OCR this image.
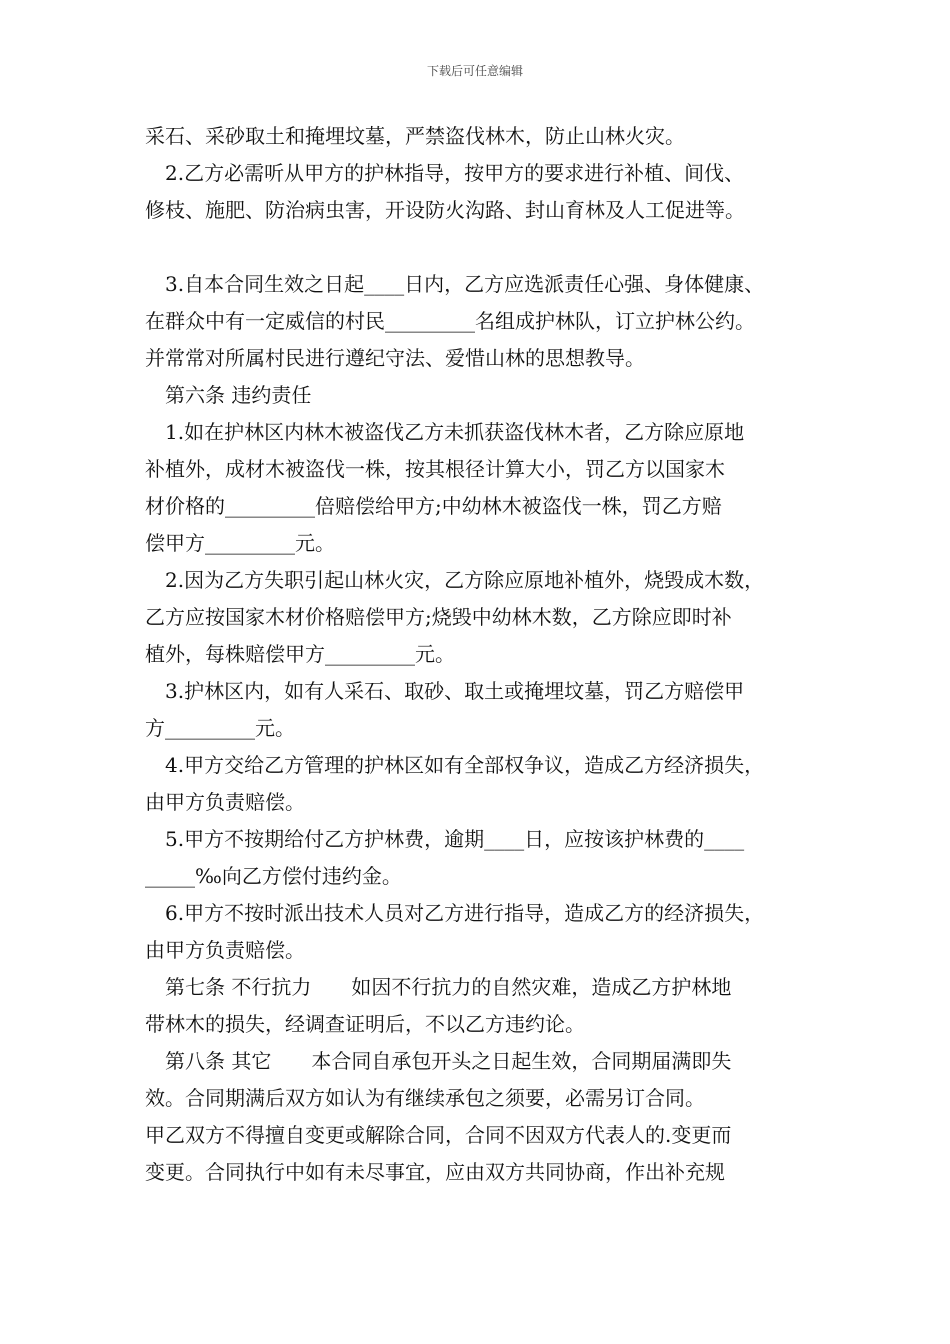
下载后可任意编辑
采石、采砂取土和掩埋坟墓，严禁盗伐林木，防止山林火灾。
2.乙方必需听从甲方的护林指导，按甲方的要求进行补植、间伐、
修枝、施肥、防治病虫害，开设防火沟路、封山育林及人工促进等。
3.自本合同生效之日起____日内，乙方应选派责任心强、身体健康、
在群众中有一定威信的村民_________名组成护林队，订立护林公约。
并常常对所属村民进行遵纪守法、爱惜山林的思想教导。
第六条 违约责任
1.如在护林区内林木被盗伐乙方未抓获盗伐林木者，乙方除应原地
补植外，成材木被盗伐一株，按其根径计算大小，罚乙方以国家木
材价格的_________倍赔偿给甲方;中幼林木被盗伐一株，罚乙方赔
偿甲方_________元。
2.因为乙方失职引起山林火灾，乙方除应原地补植外，烧毁成木数，
乙方应按国家木材价格赔偿甲方;烧毁中幼林木数，乙方除应即时补
植外，每株赔偿甲方_________元。
3.护林区内，如有人采石、取砂、取土或掩埋坟墓，罚乙方赔偿甲
方_________元。
4.甲方交给乙方管理的护林区如有全部权争议，造成乙方经济损失，
由甲方负责赔偿。
5.甲方不按期给付乙方护林费，逾期____日，应按该护林费的____
_____‰向乙方偿付违约金。
6.甲方不按时派出技术人员对乙方进行指导，造成乙方的经济损失，
由甲方负责赔偿。
第七条 不行抗力　　如因不行抗力的自然灾难，造成乙方护林地
带林木的损失，经调查证明后，不以乙方违约论。
第八条 其它　　本合同自承包开头之日起生效，合同期届满即失
效。合同期满后双方如认为有继续承包之须要，必需另订合同。
甲乙双方不得擅自变更或解除合同，合同不因双方代表人的.变更而
变更。合同执行中如有未尽事宜，应由双方共同协商，作出补充规
